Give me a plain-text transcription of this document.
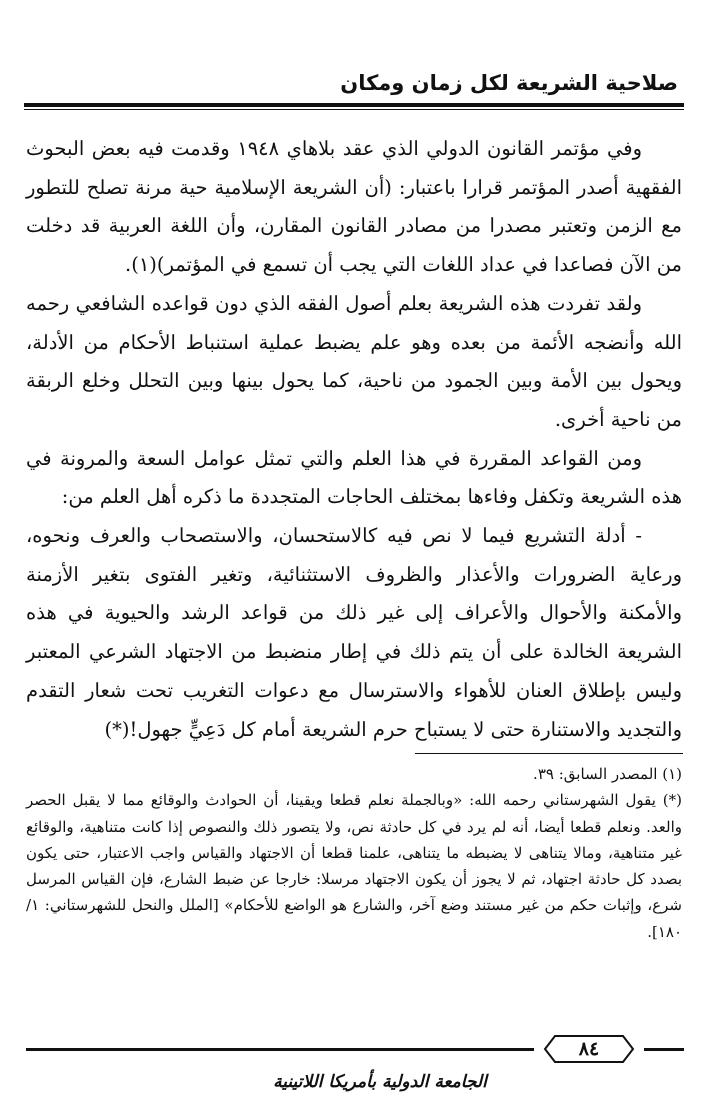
صلاحية الشريعة لكل زمان ومكان

وفي مؤتمر القانون الدولي الذي عقد بلاهاي ١٩٤٨ وقدمت فيه بعض البحوث الفقهية أصدر المؤتمر قرارا باعتبار: (أن الشريعة الإسلامية حية مرنة تصلح للتطور مع الزمن وتعتبر مصدرا من مصادر القانون المقارن، وأن اللغة العربية قد دخلت من الآن فصاعدا في عداد اللغات التي يجب أن تسمع في المؤتمر)(١).

ولقد تفردت هذه الشريعة بعلم أصول الفقه الذي دون قواعده الشافعي رحمه الله وأنضجه الأئمة من بعده وهو علم يضبط عملية استنباط الأحكام من الأدلة، ويحول بين الأمة وبين الجمود من ناحية، كما يحول بينها وبين التحلل وخلع الربقة من ناحية أخرى.

ومن القواعد المقررة في هذا العلم والتي تمثل عوامل السعة والمرونة في هذه الشريعة وتكفل وفاءها بمختلف الحاجات المتجددة ما ذكره أهل العلم من:

- أدلة التشريع فيما لا نص فيه كالاستحسان، والاستصحاب والعرف ونحوه، ورعاية الضرورات والأعذار والظروف الاستثنائية، وتغير الفتوى بتغير الأزمنة والأمكنة والأحوال والأعراف إلى غير ذلك من قواعد الرشد والحيوية في هذه الشريعة الخالدة على أن يتم ذلك في إطار منضبط من الاجتهاد الشرعي المعتبر وليس بإطلاق العنان للأهواء والاسترسال مع دعوات التغريب تحت شعار التقدم والتجديد والاستنارة حتى لا يستباح حرم الشريعة أمام كل دَعِيٍّ جهول!(*)

(١) المصدر السابق: ٣٩.

(*) يقول الشهرستاني رحمه الله: «وبالجملة نعلم قطعا ويقينا، أن الحوادث والوقائع مما لا يقبل الحصر والعد. ونعلم قطعا أيضا، أنه لم يرد في كل حادثة نص، ولا يتصور ذلك والنصوص إذا كانت متناهية، والوقائع غير متناهية، ومالا يتناهى لا يضبطه ما يتناهى، علمنا قطعا أن الاجتهاد والقياس واجب الاعتبار، حتى يكون بصدد كل حادثة اجتهاد، ثم لا يجوز أن يكون الاجتهاد مرسلا: خارجا عن ضبط الشارع، فإن القياس المرسل شرع، وإثبات حكم من غير مستند وضع آخر، والشارع هو الواضع للأحكام» [الملل والنحل للشهرستاني: ١/ ١٨٠].

٨٤
الجامعة الدولية بأمريكا اللاتينية
